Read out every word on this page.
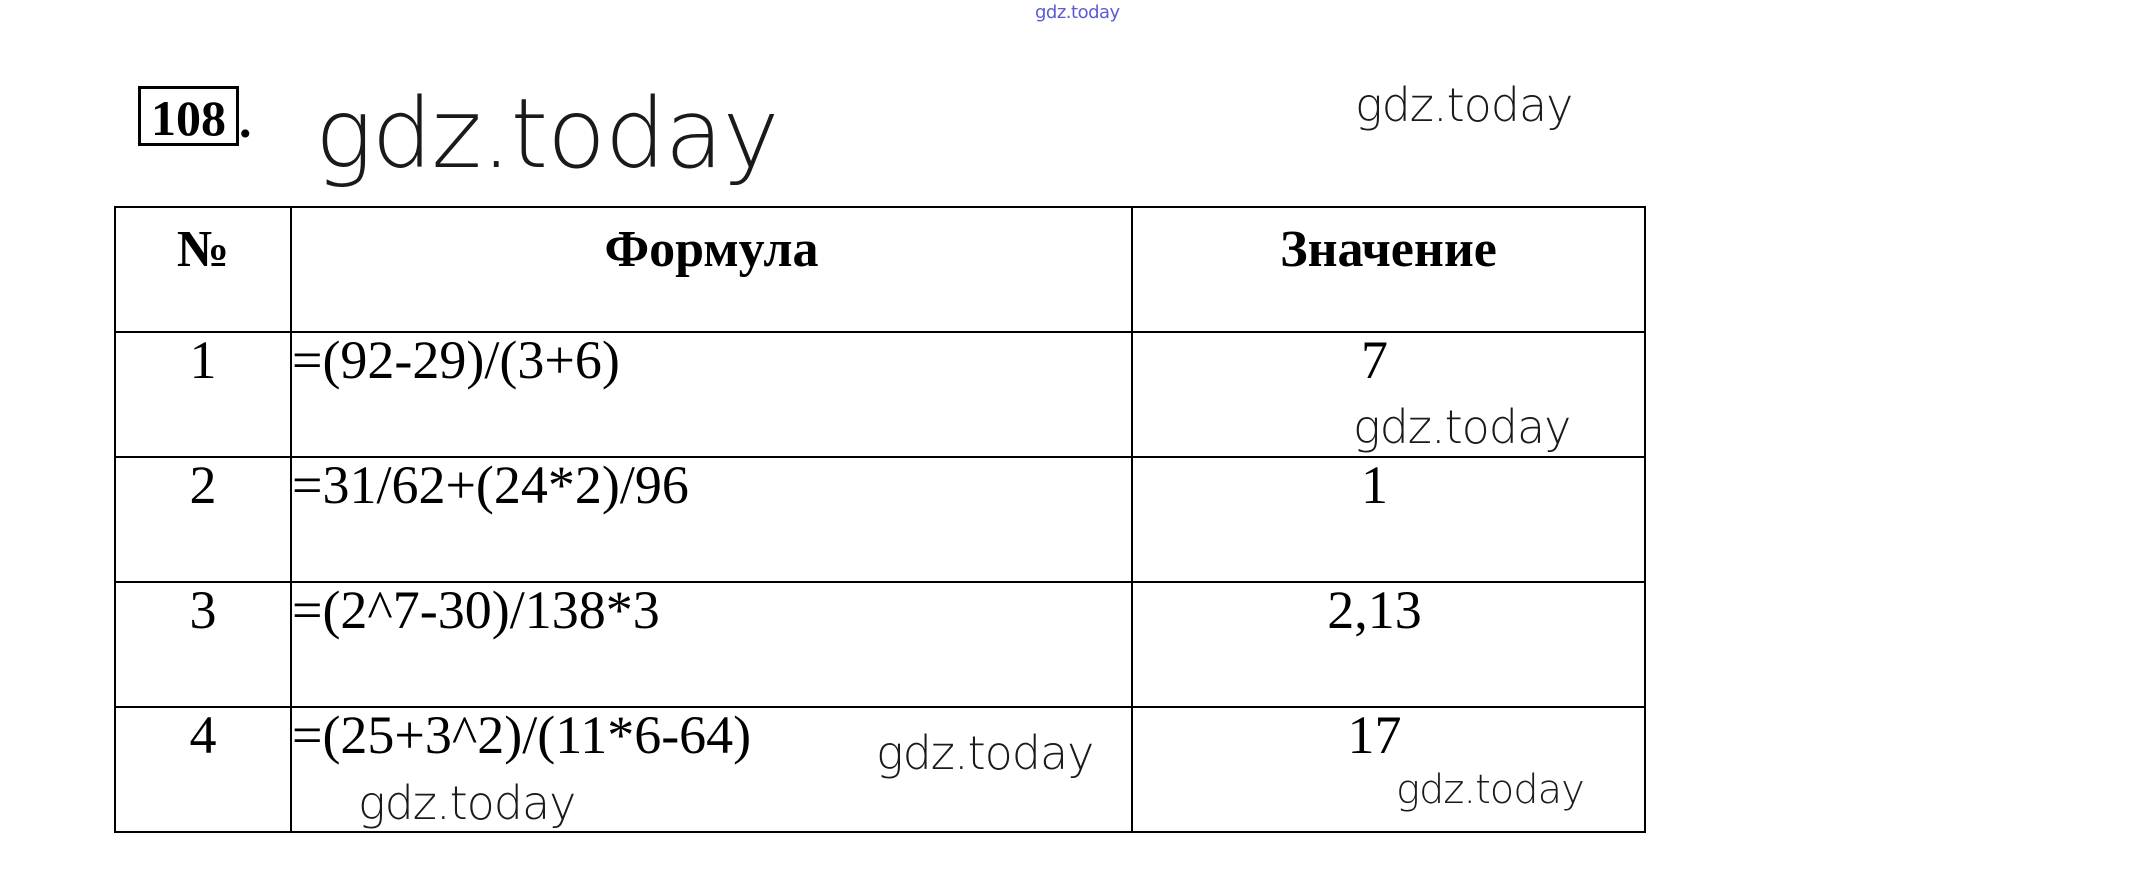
gdz.today
108 .
№	Формула	Значение
1	=(92-29)/(3+6)	7
2	=31/62+(24*2)/96	1
3	=(2^7-30)/138*3	2,13
4	=(25+3^2)/(11*6-64)	17
gdz.today	gdz.today
gdz.today
gdz.today
gdz.today	gdz.today
